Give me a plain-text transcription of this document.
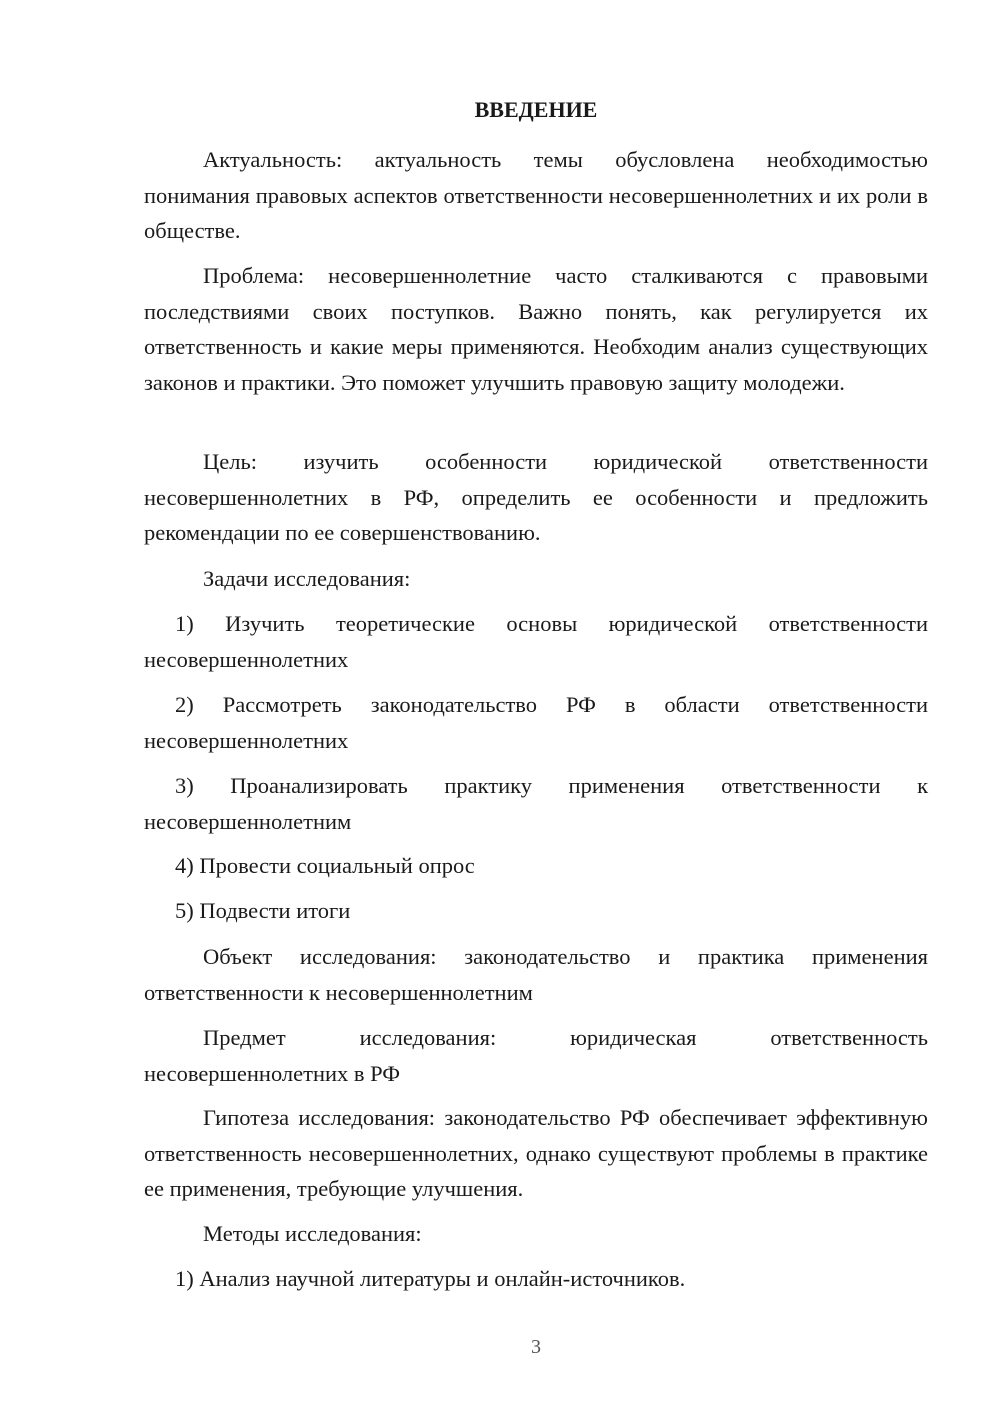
ВВЕДЕНИЕ

Актуальность: актуальность темы обусловлена необходимостью понимания правовых аспектов ответственности несовершеннолетних и их роли в обществе.

Проблема: несовершеннолетние часто сталкиваются с правовыми последствиями своих поступков. Важно понять, как регулируется их ответственность и какие меры применяются. Необходим анализ существующих законов и практики. Это поможет улучшить правовую защиту молодежи.

Цель: изучить особенности юридической ответственности несовершеннолетних в РФ, определить ее особенности и предложить рекомендации по ее совершенствованию.

Задачи исследования:

1) Изучить теоретические основы юридической ответственности несовершеннолетних

2) Рассмотреть законодательство РФ в области ответственности несовершеннолетних

3) Проанализировать практику применения ответственности к несовершеннолетним

4) Провести социальный опрос

5) Подвести итоги

Объект исследования: законодательство и практика применения ответственности к несовершеннолетним

Предмет исследования: юридическая ответственность несовершеннолетних в РФ

Гипотеза исследования: законодательство РФ обеспечивает эффективную ответственность несовершеннолетних, однако существуют проблемы в практике ее применения, требующие улучшения.

Методы исследования:

1) Анализ научной литературы и онлайн-источников.

3
